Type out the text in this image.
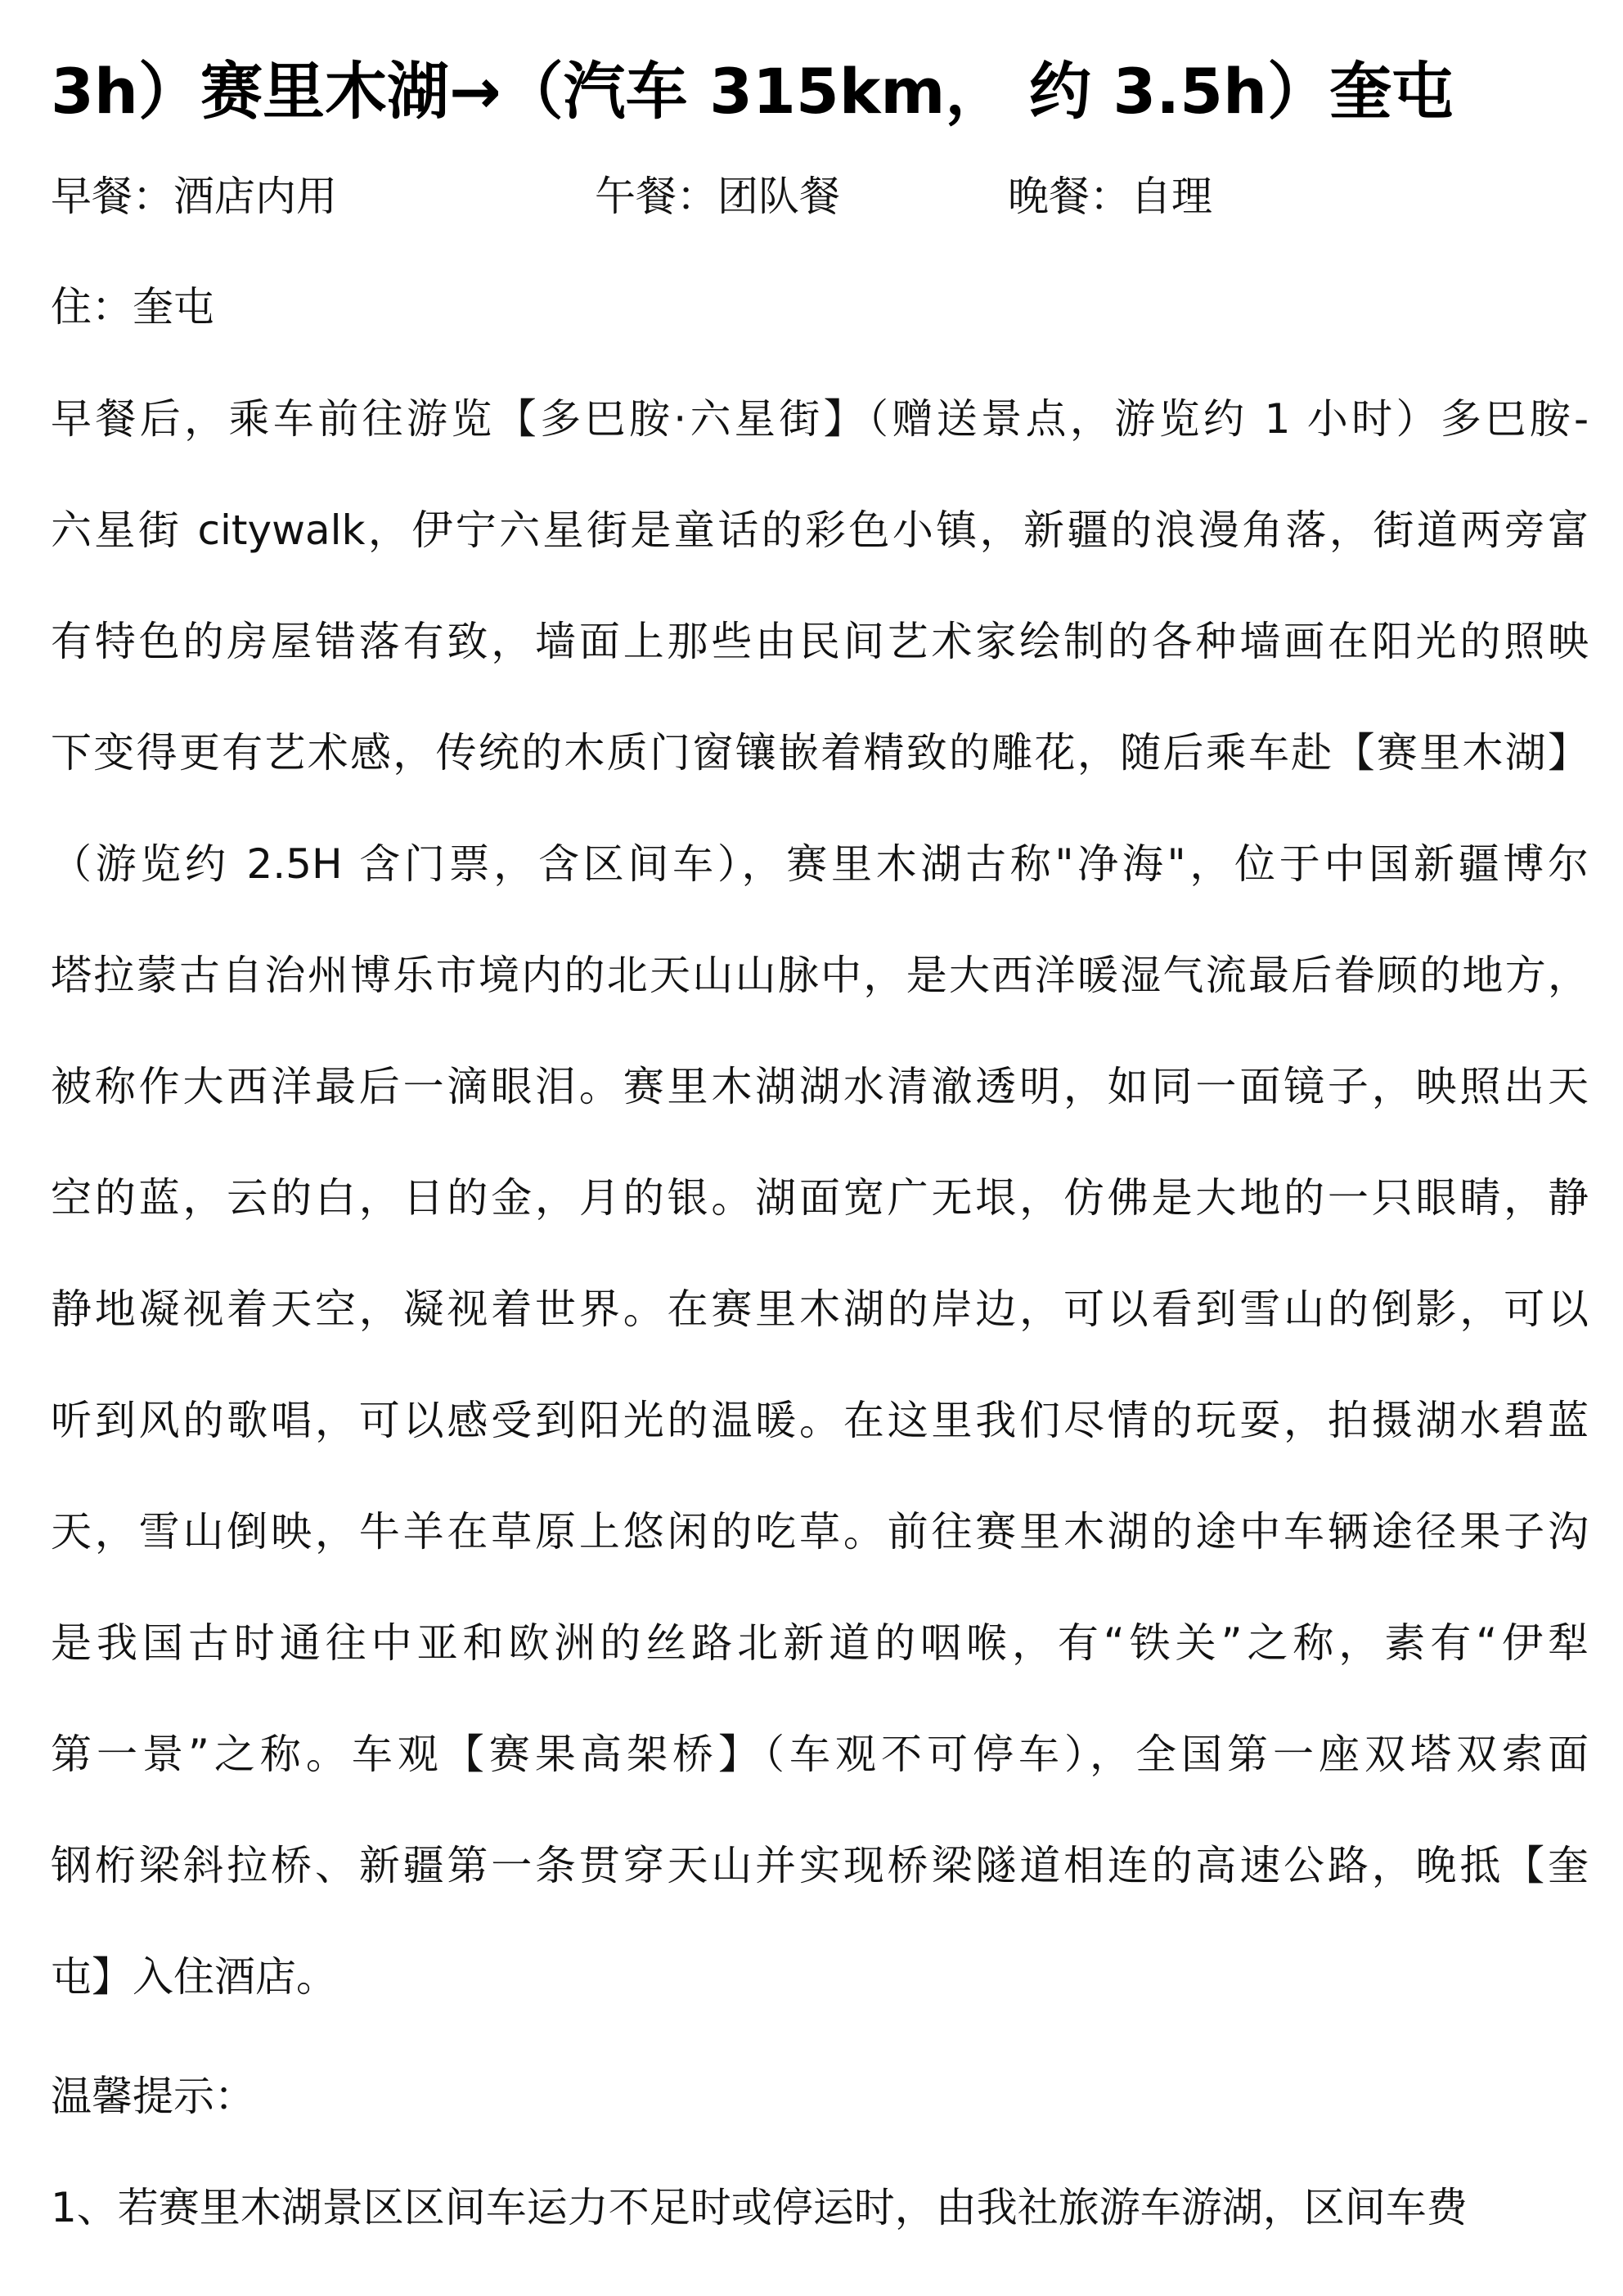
3h）赛里木湖→（汽车 315km， 约 3.5h）奎屯
早餐：酒店内用	午餐：团队餐	晚餐：自理
住：奎屯
早餐后，乘车前往游览【多巴胺·六星街】（赠送景点，游览约 1 小时）多巴胺-
六星街 citywalk，伊宁六星街是童话的彩色小镇，新疆的浪漫角落，街道两旁富
有特色的房屋错落有致，墙面上那些由民间艺术家绘制的各种墙画在阳光的照映
下变得更有艺术感，传统的木质门窗镶嵌着精致的雕花，随后乘车赴【赛里木湖】
（游览约 2.5H 含门票，含区间车），赛里木湖古称"净海"，位于中国新疆博尔
塔拉蒙古自治州博乐市境内的北天山山脉中，是大西洋暖湿气流最后眷顾的地方，
被称作大西洋最后一滴眼泪。赛里木湖湖水清澈透明，如同一面镜子，映照出天
空的蓝，云的白，日的金，月的银。湖面宽广无垠，仿佛是大地的一只眼睛，静
静地凝视着天空，凝视着世界。在赛里木湖的岸边，可以看到雪山的倒影，可以
听到风的歌唱，可以感受到阳光的温暖。在这里我们尽情的玩耍，拍摄湖水碧蓝
天，雪山倒映，牛羊在草原上悠闲的吃草。前往赛里木湖的途中车辆途径果子沟
是我国古时通往中亚和欧洲的丝路北新道的咽喉，有“铁关”之称，素有“伊犁
第一景”之称。车观【赛果高架桥】（车观不可停车），全国第一座双塔双索面
钢桁梁斜拉桥、新疆第一条贯穿天山并实现桥梁隧道相连的高速公路，晚抵【奎
屯】入住酒店。
温馨提示：
1、若赛里木湖景区区间车运力不足时或停运时，由我社旅游车游湖，区间车费
